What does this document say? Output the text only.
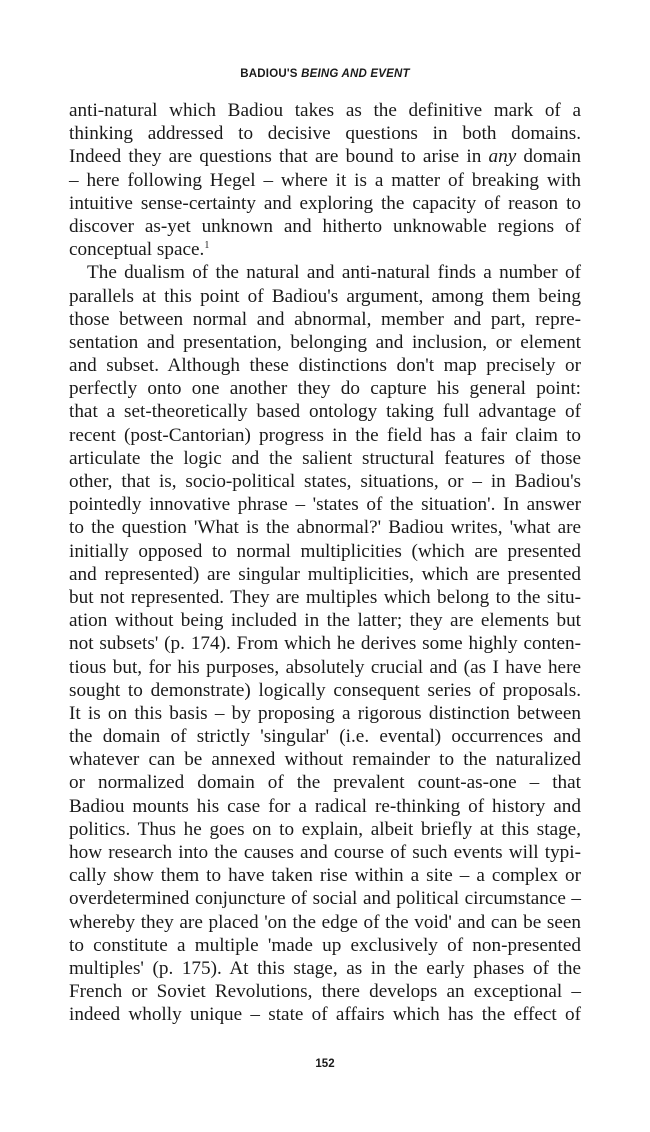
BADIOU'S BEING AND EVENT
anti-natural which Badiou takes as the definitive mark of a
thinking addressed to decisive questions in both domains.
Indeed they are questions that are bound to arise in any domain
– here following Hegel – where it is a matter of breaking with
intuitive sense-certainty and exploring the capacity of reason to
discover as-yet unknown and hitherto unknowable regions of
conceptual space.$^1$
The dualism of the natural and anti-natural finds a number of
parallels at this point of Badiou's argument, among them being
those between normal and abnormal, member and part, repre-
sentation and presentation, belonging and inclusion, or element
and subset. Although these distinctions don't map precisely or
perfectly onto one another they do capture his general point:
that a set-theoretically based ontology taking full advantage of
recent (post-Cantorian) progress in the field has a fair claim to
articulate the logic and the salient structural features of those
other, that is, socio-political states, situations, or – in Badiou's
pointedly innovative phrase – 'states of the situation'. In answer
to the question 'What is the abnormal?' Badiou writes, 'what are
initially opposed to normal multiplicities (which are presented
and represented) are singular multiplicities, which are presented
but not represented. They are multiples which belong to the situ-
ation without being included in the latter; they are elements but
not subsets' (p. 174). From which he derives some highly conten-
tious but, for his purposes, absolutely crucial and (as I have here
sought to demonstrate) logically consequent series of proposals.
It is on this basis – by proposing a rigorous distinction between
the domain of strictly 'singular' (i.e. evental) occurrences and
whatever can be annexed without remainder to the naturalized
or normalized domain of the prevalent count-as-one – that
Badiou mounts his case for a radical re-thinking of history and
politics. Thus he goes on to explain, albeit briefly at this stage,
how research into the causes and course of such events will typi-
cally show them to have taken rise within a site – a complex or
overdetermined conjuncture of social and political circumstance –
whereby they are placed 'on the edge of the void' and can be seen
to constitute a multiple 'made up exclusively of non-presented
multiples' (p. 175). At this stage, as in the early phases of the
French or Soviet Revolutions, there develops an exceptional –
indeed wholly unique – state of affairs which has the effect of
152
